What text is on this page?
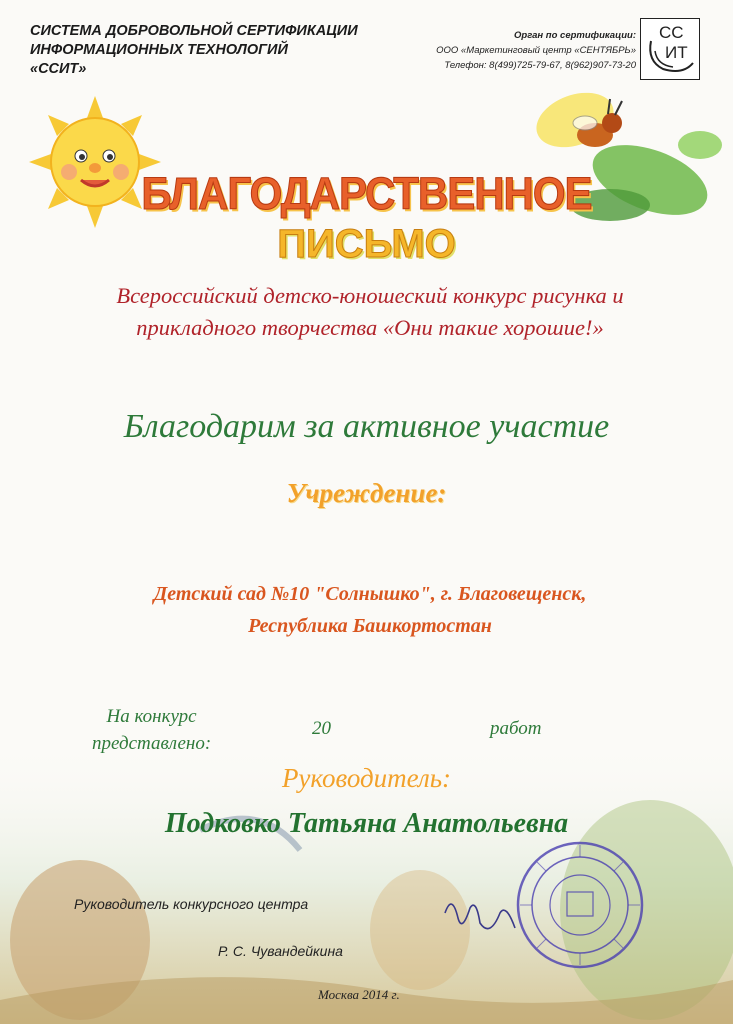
СИСТЕМА ДОБРОВОЛЬНОЙ СЕРТИФИКАЦИИ
ИНФОРМАЦИОННЫХ ТЕХНОЛОГИЙ
«ССИТ»
Орган по сертификации:
ООО «Маркетинговый центр «СЕНТЯБРЬ»
Телефон: 8(499)725-79-67, 8(962)907-73-20
СС
ИТ
БЛАГОДАРСТВЕННОЕ
ПИСЬМО
Всероссийский детско-юношеский конкурс рисунка и
прикладного творчества «Они такие хорошие!»
Благодарим за активное участие
Учреждение:
Детский сад №10 "Солнышко", г. Благовещенск,
Республика Башкортостан
На конкурс
представлено:
20	работ
Руководитель:
Подковко Татьяна Анатольевна
Руководитель конкурсного центра
Р. С. Чувандейкина
Москва 2014 г.
